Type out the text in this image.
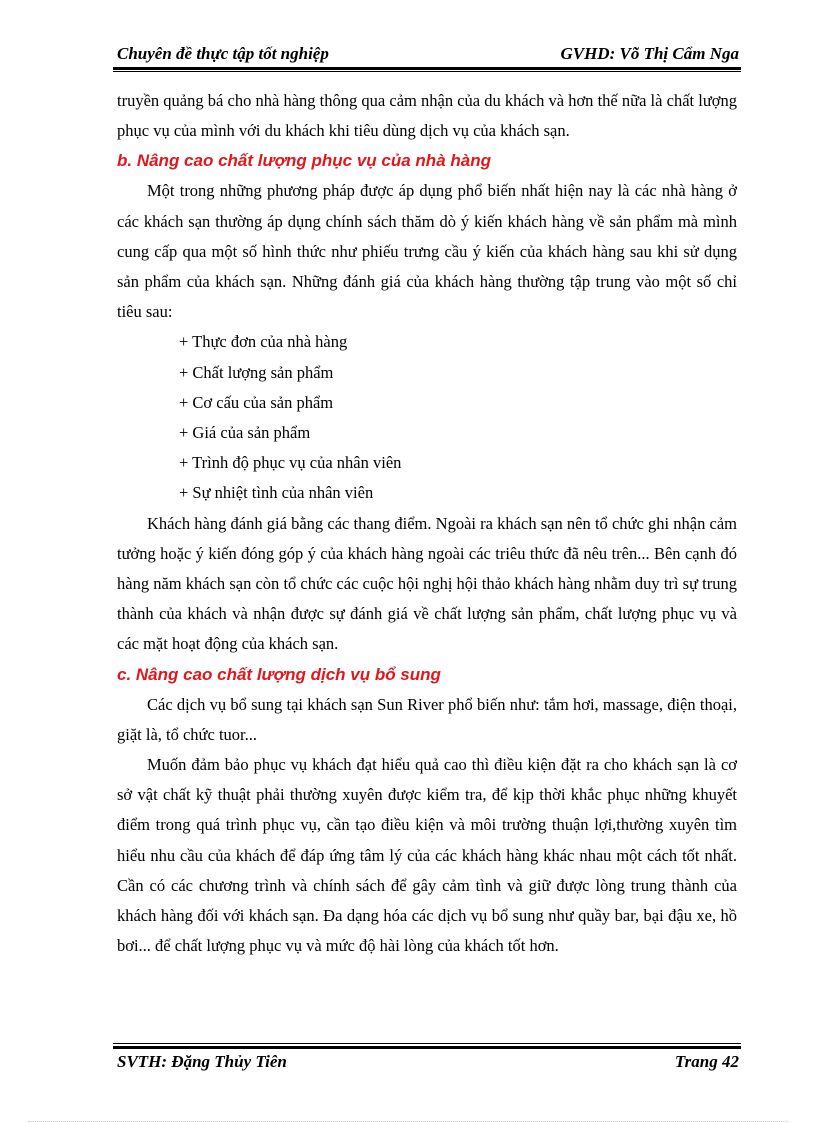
Chuyên đề thực tập tốt nghiệp	GVHD: Võ Thị Cẩm Nga

truyền quảng bá cho nhà hàng thông qua cảm nhận của du khách và hơn thế nữa là chất lượng phục vụ của mình với du khách khi tiêu dùng dịch vụ của khách sạn.

b. Nâng cao chất lượng phục vụ của nhà hàng

Một trong những phương pháp được áp dụng phổ biến nhất hiện nay là các nhà hàng ở các khách sạn thường áp dụng chính sách thăm dò ý kiến khách hàng về sản phẩm mà mình cung cấp qua một số hình thức như phiếu trưng cầu ý kiến của khách hàng sau khi sử dụng sản phẩm của khách sạn. Những đánh giá của khách hàng thường tập trung vào một số chỉ tiêu sau:

+ Thực đơn của nhà hàng
+ Chất lượng sản phẩm
+ Cơ cấu của sản phẩm
+ Giá của sản phẩm
+ Trình độ phục vụ của nhân viên
+ Sự nhiệt tình của nhân viên

Khách hàng đánh giá bằng các thang điểm. Ngoài ra khách sạn nên tổ chức ghi nhận cảm tưởng hoặc ý kiến đóng góp ý của khách hàng ngoài các triêu thức đã nêu trên... Bên cạnh đó hàng năm khách sạn còn tổ chức các cuộc hội nghị hội thảo khách hàng nhằm duy trì sự trung thành của khách và nhận được sự đánh giá về chất lượng sản phẩm, chất lượng phục vụ và các mặt hoạt động của khách sạn.

c. Nâng cao chất lượng dịch vụ bổ sung

Các dịch vụ bổ sung tại khách sạn Sun River phổ biến như: tắm hơi, massage, điện thoại, giặt là, tổ chức tuor...

Muốn đảm bảo phục vụ khách đạt hiểu quả cao thì điều kiện đặt ra cho khách sạn là cơ sở vật chất kỹ thuật phải thường xuyên được kiểm tra, để kịp thời khắc phục những khuyết điểm trong quá trình phục vụ, cần tạo điều kiện và môi trường thuận lợi,thường xuyên tìm hiểu nhu cầu của khách để đáp ứng tâm lý của các khách hàng khác nhau một cách tốt nhất. Cần có các chương trình và chính sách để gây cảm tình và giữ được lòng trung thành của khách hàng đối với khách sạn. Đa dạng hóa các dịch vụ bổ sung như quầy bar, bại đậu xe, hồ bơi... để chất lượng phục vụ và mức độ hài lòng của khách tốt hơn.

SVTH: Đặng Thủy Tiên	Trang 42
